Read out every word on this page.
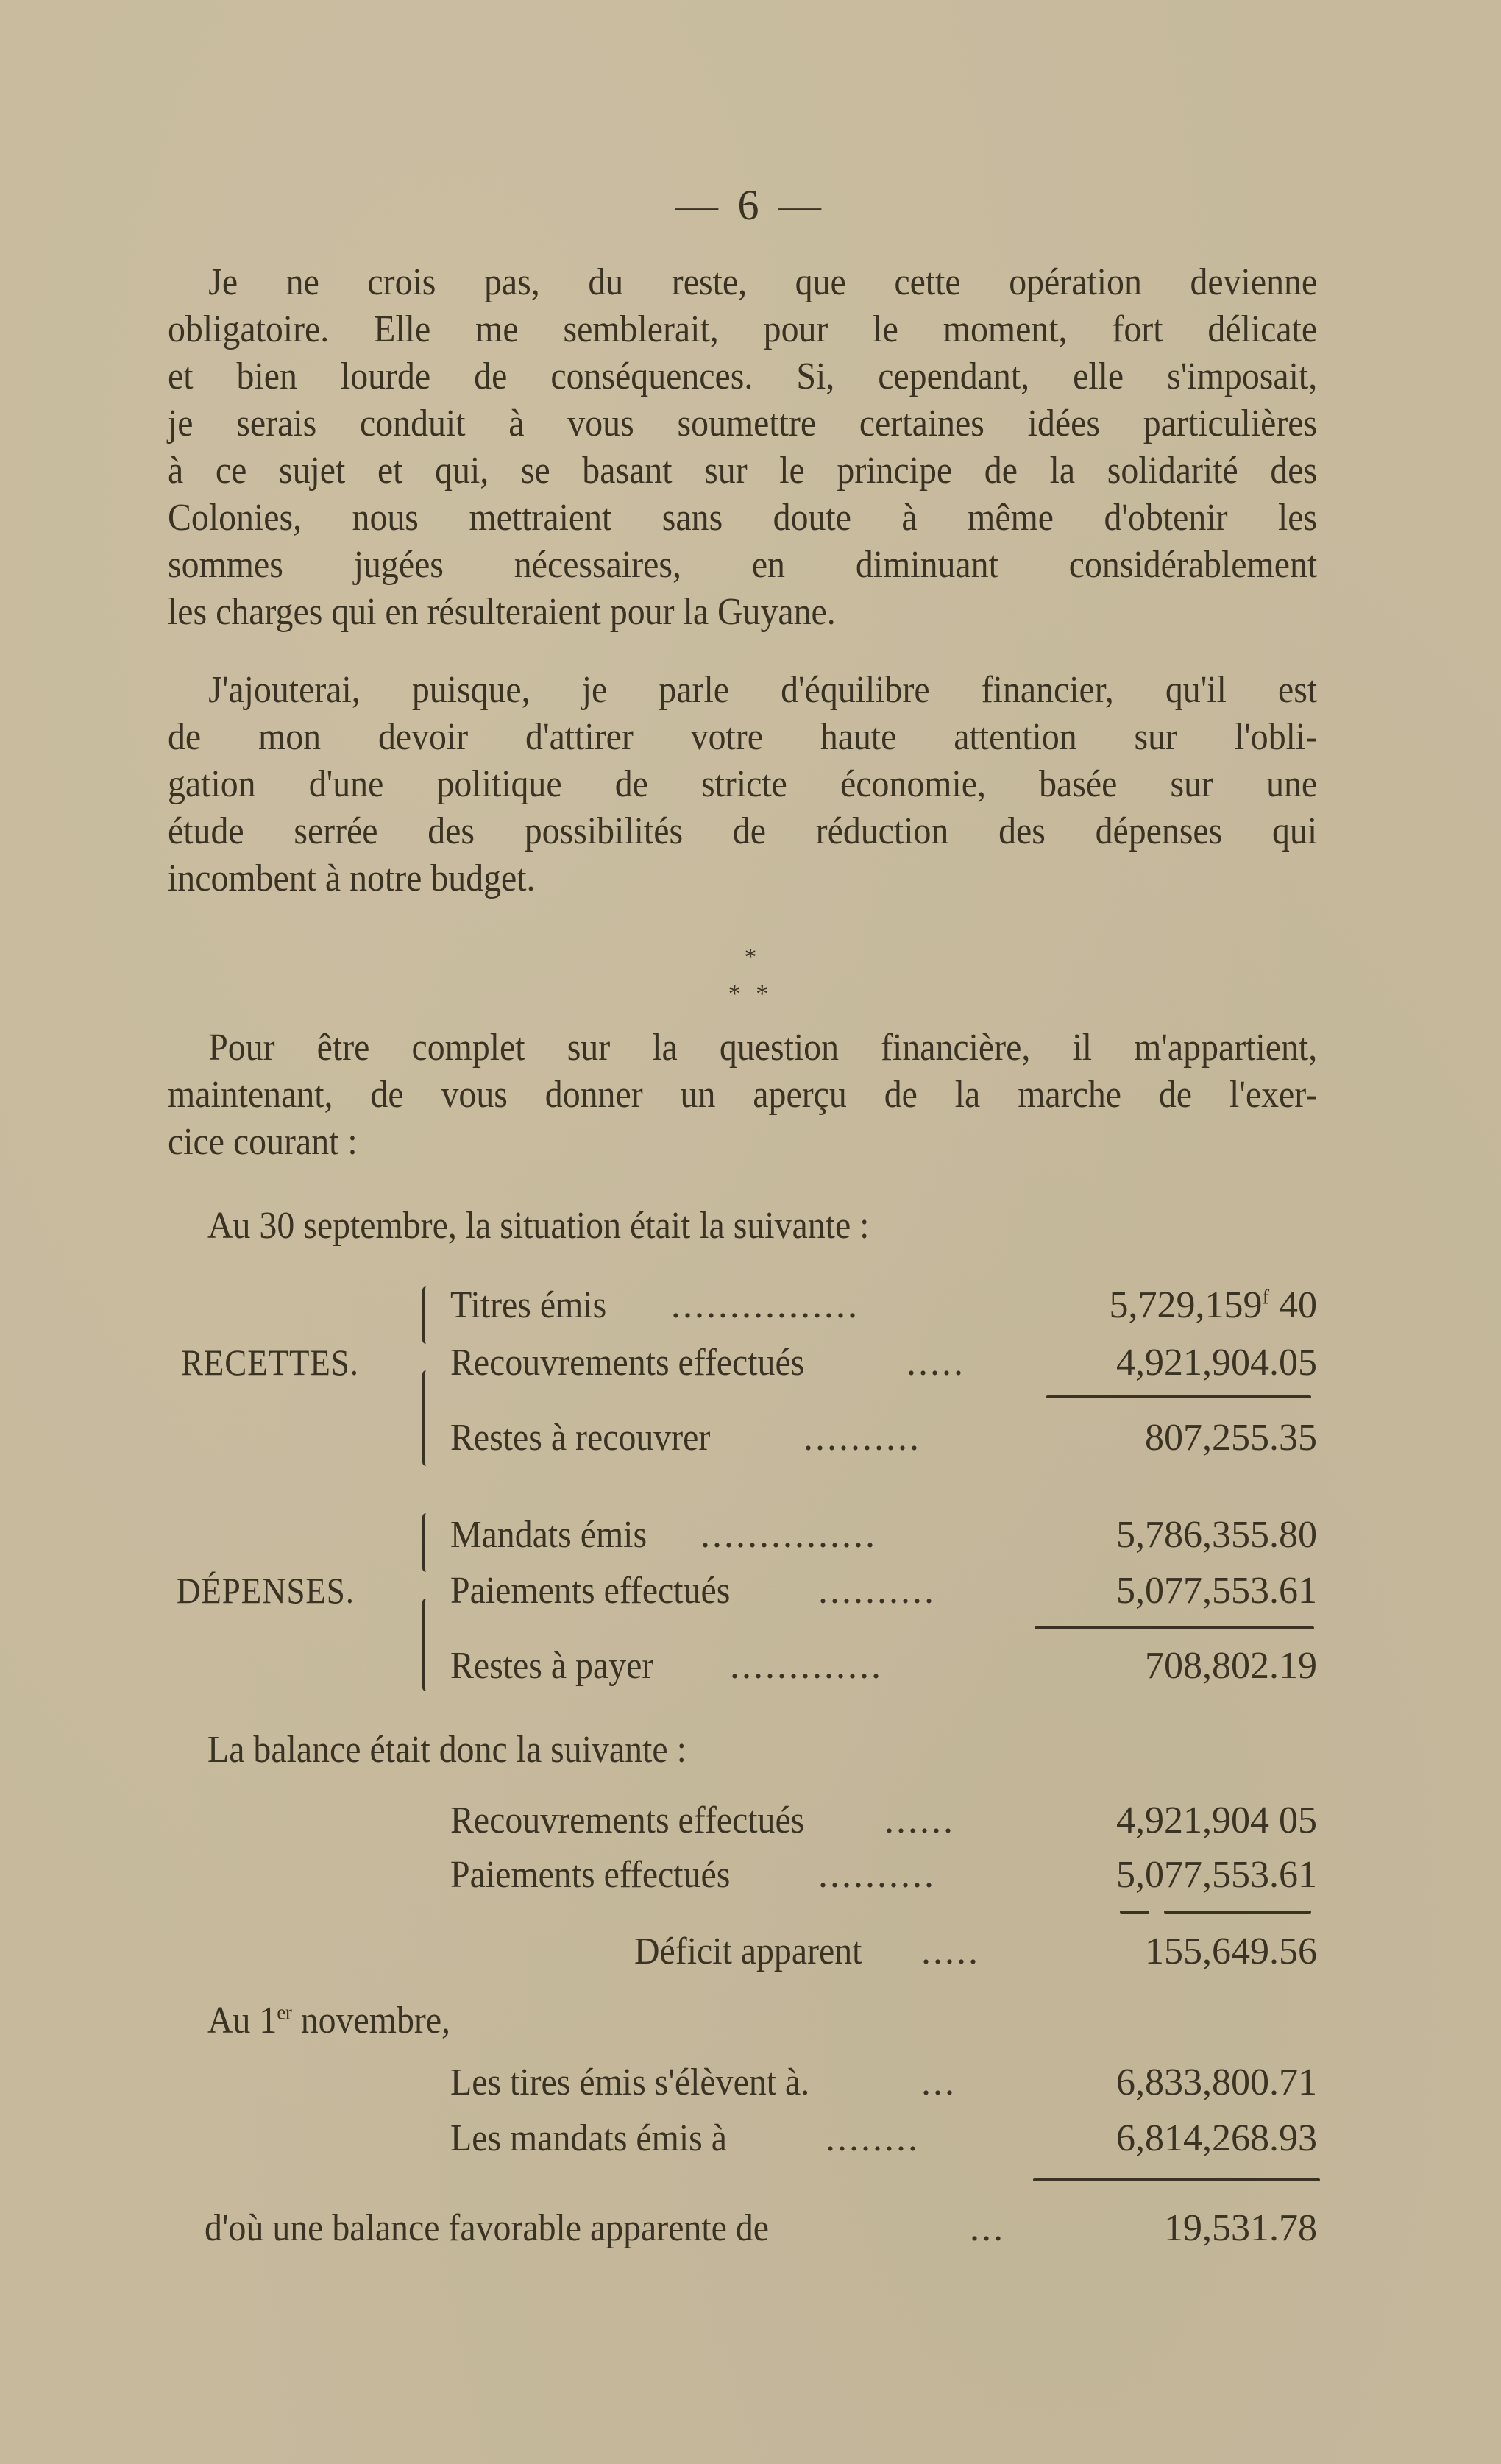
— 6 —
Je ne crois pas, du reste, que cette opération devienne
obligatoire. Elle me semblerait, pour le moment, fort délicate
et bien lourde de conséquences. Si, cependant, elle s'imposait,
je serais conduit à vous soumettre certaines idées particulières
à ce sujet et qui, se basant sur le principe de la solidarité des
Colonies, nous mettraient sans doute à même d'obtenir les
sommes jugées nécessaires, en diminuant considérablement
les charges qui en résulteraient pour la Guyane.
J'ajouterai, puisque, je parle d'équilibre financier, qu'il est
de mon devoir d'attirer votre haute attention sur l'obli-
gation d'une politique de stricte économie, basée sur une
étude serrée des possibilités de réduction des dépenses qui
incombent à notre budget.
*
* *
Pour être complet sur la question financière, il m'appartient,
maintenant, de vous donner un aperçu de la marche de l'exer-
cice courant :
Au 30 septembre, la situation était la suivante :
RECETTES.
Titres émis ................	5,729,159$^f$ 40
Recouvrements effectués	.....	4,921,904.05
Restes à recouvrer ..........	807,255.35
DÉPENSES.
Mandats émis ...............	5,786,355.80
Paiements effectués ..........	5,077,553.61
Restes à payer .............	708,802.19
La balance était donc la suivante :
Recouvrements effectués ......	4,921,904 05
Paiements effectués ..........	5,077,553.61
Déficit apparent .....	155,649.56
Au 1er novembre,
Les tires émis s'élèvent à.	...	6,833,800.71
Les mandats émis à	........	6,814,268.93
d'où une balance favorable apparente de	...	19,531.78
